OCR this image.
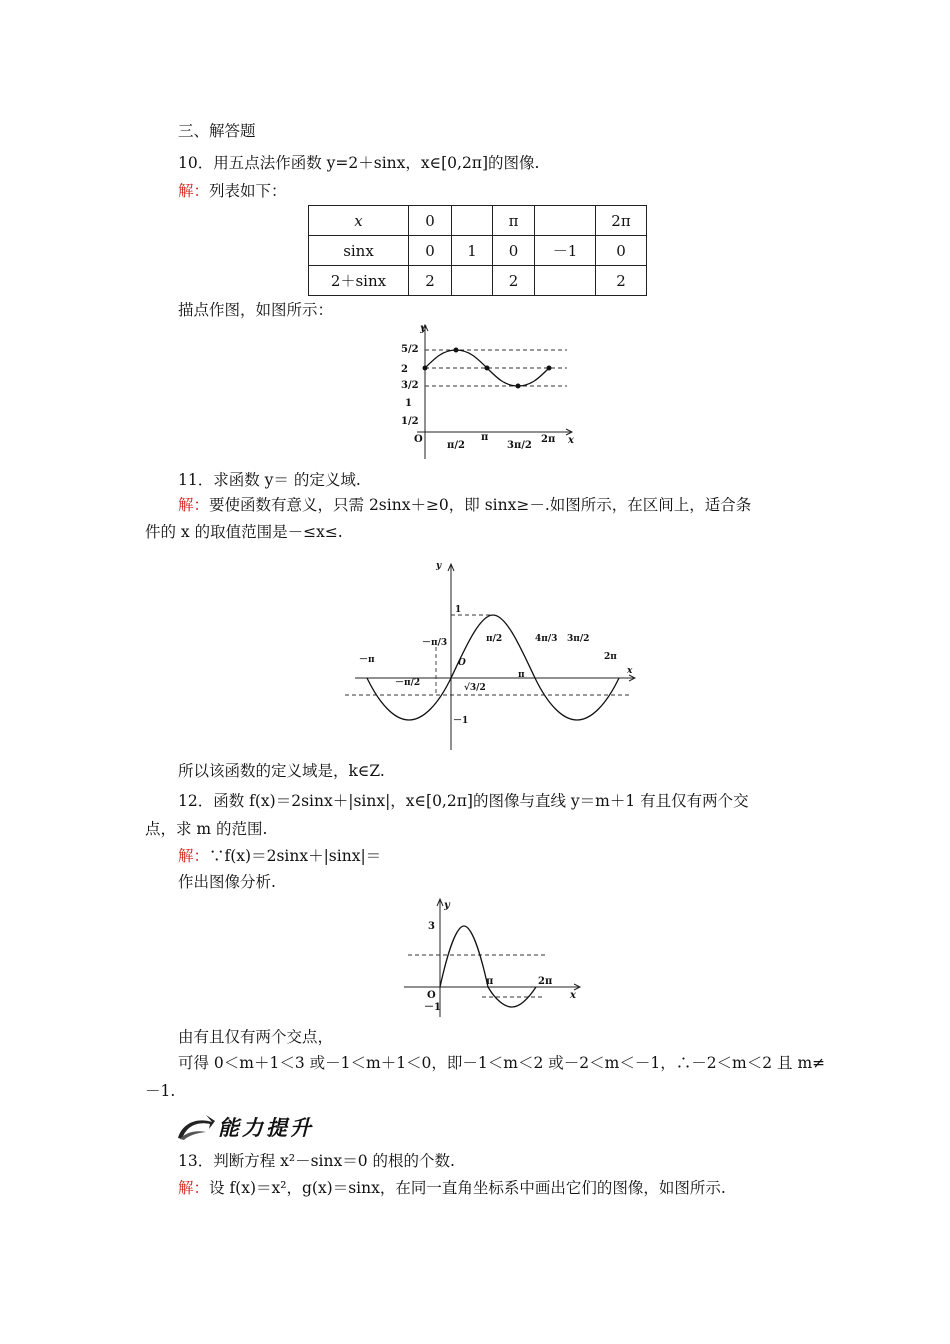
三、解答题
10．用五点法作函数 y=2＋sinx，x∈[0,2π]的图像.
解：列表如下：
x	0		π		2π
sinx	0	1	0	－1	0
2＋sinx	2		2		2
描点作图，如图所示：
y
x
O
5/2
2
3/2
1
1/2
π/2
π
3π/2
2π
11．求函数 y＝ 的定义域.
解：要使函数有意义，只需 2sinx＋≥0，即 sinx≥－.如图所示，在区间上，适合条
件的 x 的取值范围是－≤x≤.
y
x
O
1
－1
－π
π
2π
π/2	4π/3 3π/2
－π/3
－π/2	√3/2
所以该函数的定义域是，k∈Z.
12．函数 f(x)＝2sinx＋|sinx|，x∈[0,2π]的图像与直线 y＝m＋1 有且仅有两个交
点，求 m 的范围.
解：∵f(x)＝2sinx＋|sinx|＝
作出图像分析.
y
x
O
3
－1
π	2π
由有且仅有两个交点，
可得 0＜m＋1＜3 或－1＜m＋1＜0，即－1＜m＜2 或－2＜m＜－1，∴－2＜m＜2 且 m≠
－1.
能力提升
13．判断方程 x²－sinx＝0 的根的个数.
解：设 f(x)＝x²，g(x)＝sinx，在同一直角坐标系中画出它们的图像，如图所示.
